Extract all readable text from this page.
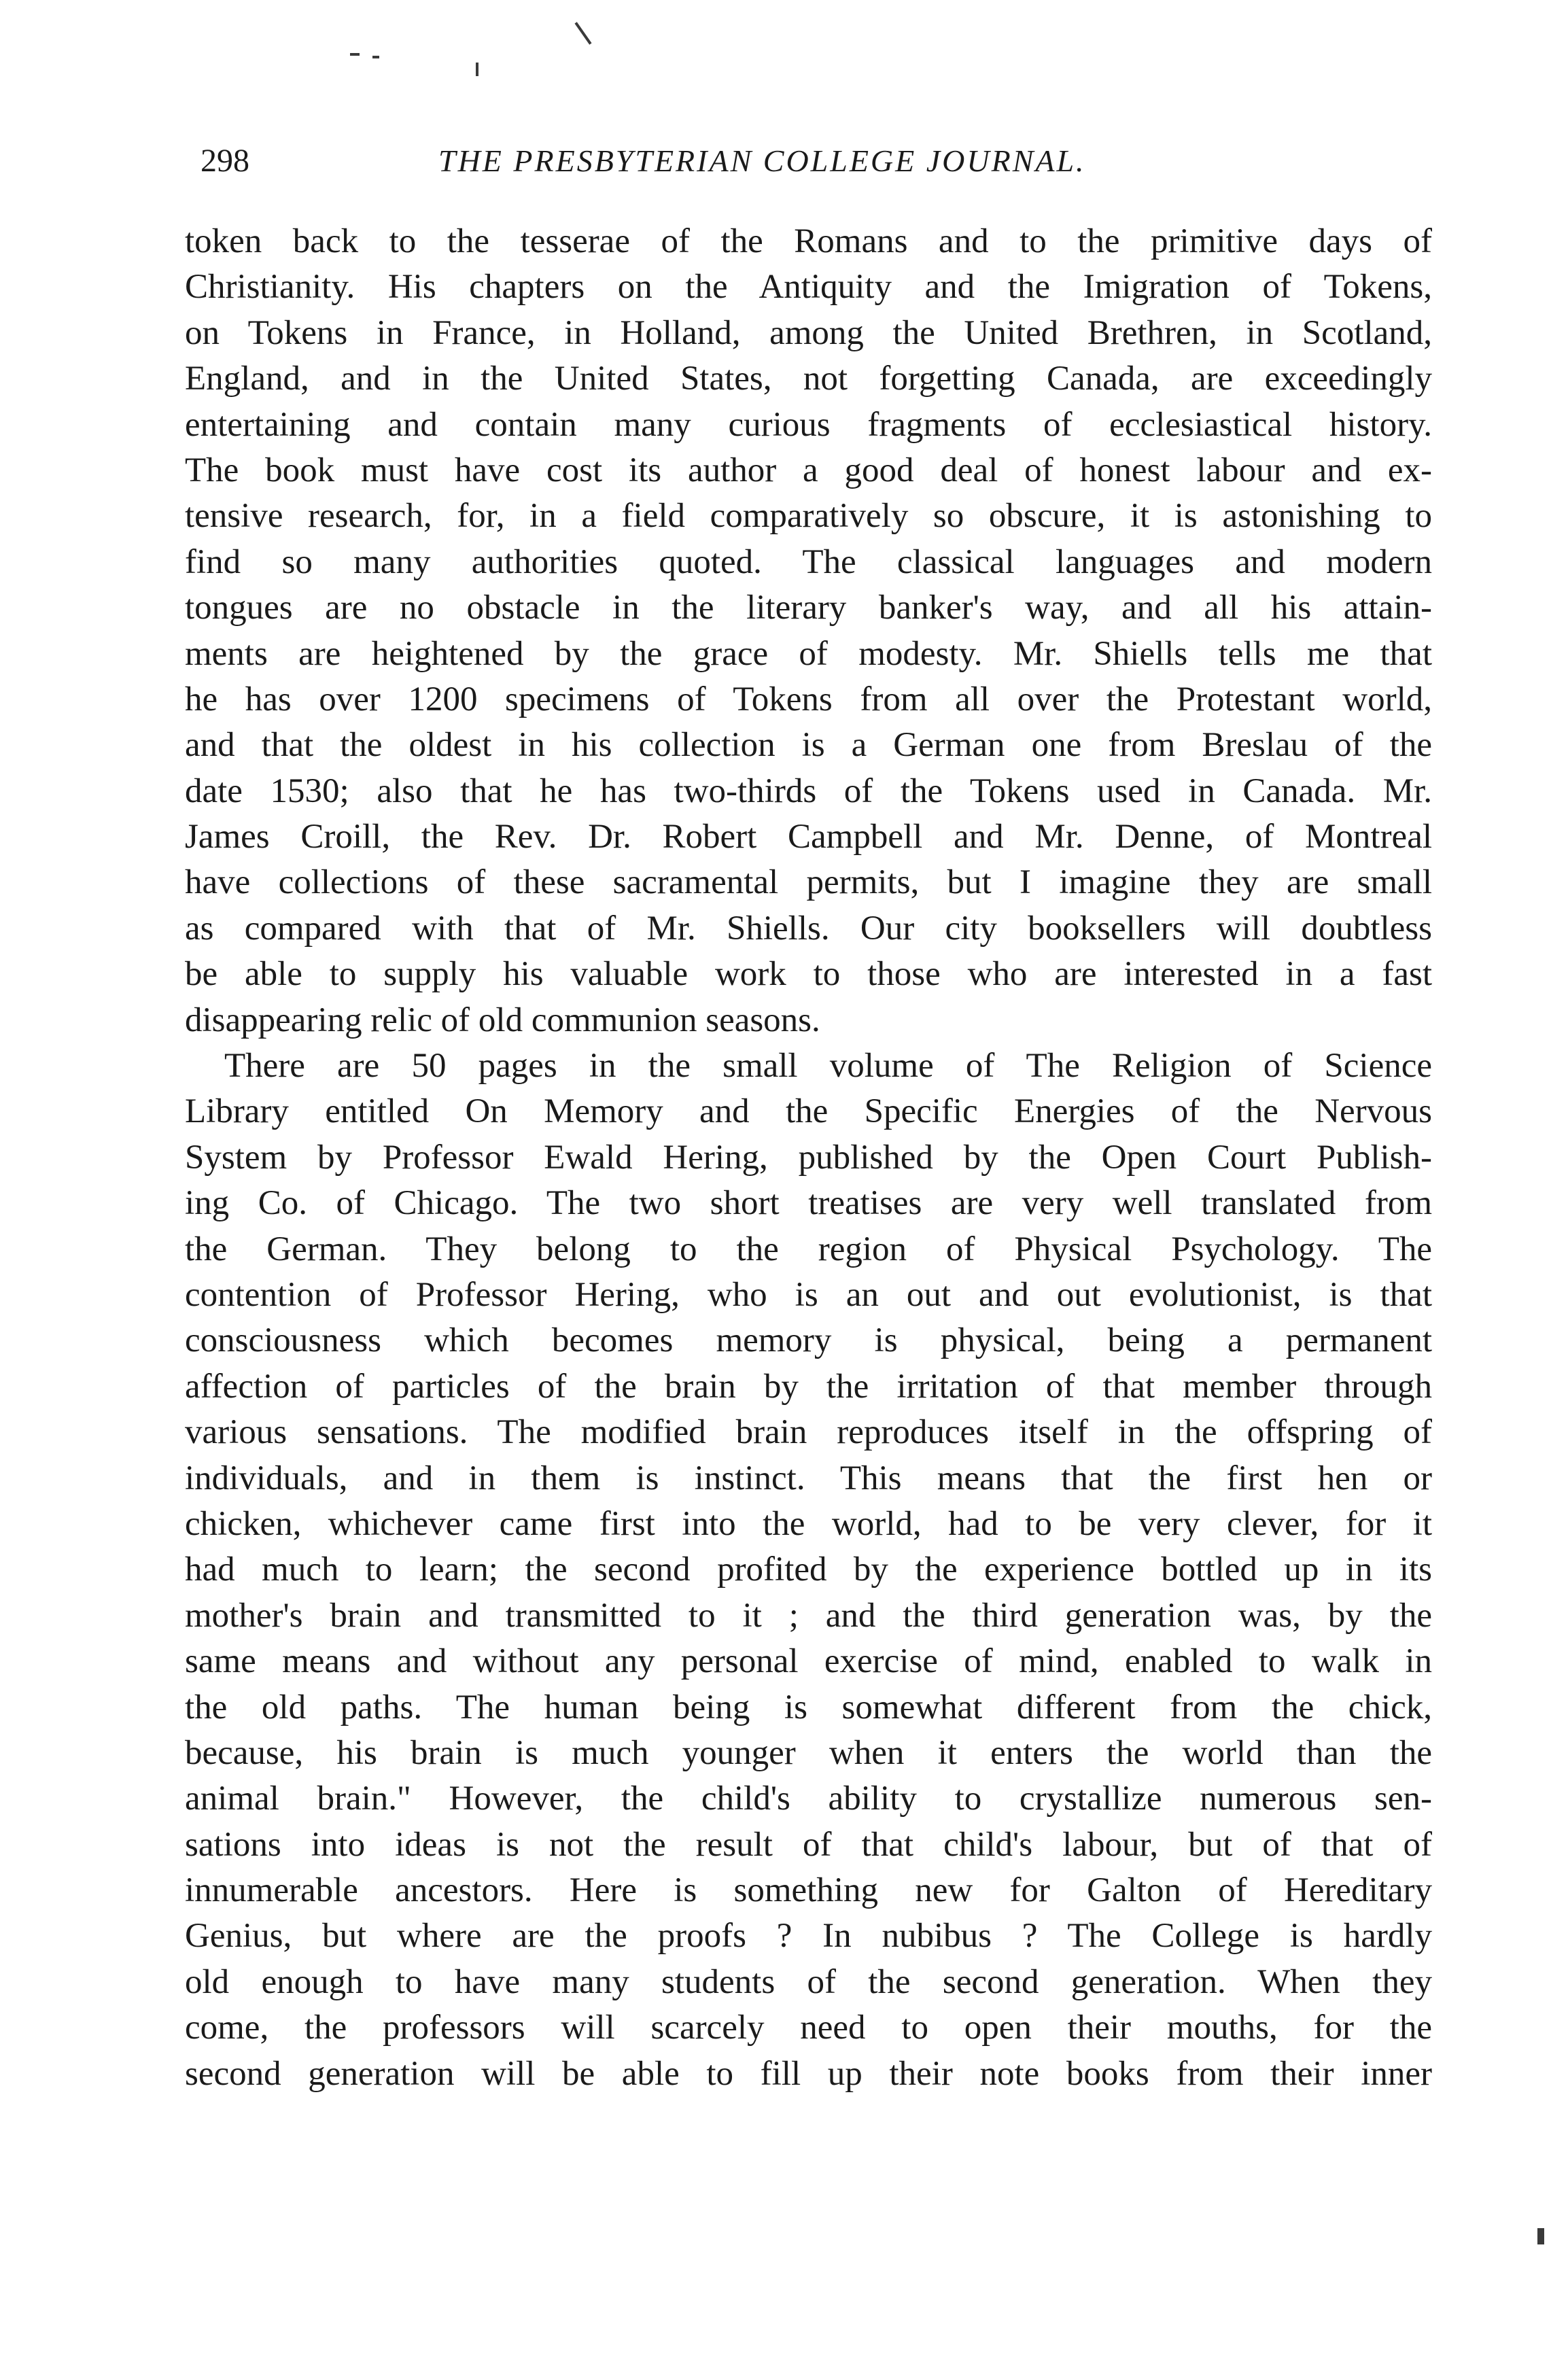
298	THE PRESBYTERIAN COLLEGE JOURNAL.
token back to the tesserae of the Romans and to the primitive days of
Christianity. His chapters on the Antiquity and the Imigration of Tokens,
on Tokens in France, in Holland, among the United Brethren, in Scotland,
England, and in the United States, not forgetting Canada, are exceedingly
entertaining and contain many curious fragments of ecclesiastical history.
The book must have cost its author a good deal of honest labour and ex-
tensive research, for, in a field comparatively so obscure, it is astonishing to
find so many authorities quoted. The classical languages and modern
tongues are no obstacle in the literary banker's way, and all his attain-
ments are heightened by the grace of modesty. Mr. Shiells tells me that
he has over 1200 specimens of Tokens from all over the Protestant world,
and that the oldest in his collection is a German one from Breslau of the
date 1530; also that he has two-thirds of the Tokens used in Canada. Mr.
James Croill, the Rev. Dr. Robert Campbell and Mr. Denne, of Montreal
have collections of these sacramental permits, but I imagine they are small
as compared with that of Mr. Shiells. Our city booksellers will doubtless
be able to supply his valuable work to those who are interested in a fast
disappearing relic of old communion seasons.
There are 50 pages in the small volume of The Religion of Science
Library entitled On Memory and the Specific Energies of the Nervous
System by Professor Ewald Hering, published by the Open Court Publish-
ing Co. of Chicago. The two short treatises are very well translated from
the German. They belong to the region of Physical Psychology. The
contention of Professor Hering, who is an out and out evolutionist, is that
consciousness which becomes memory is physical, being a permanent
affection of particles of the brain by the irritation of that member through
various sensations. The modified brain reproduces itself in the offspring of
individuals, and in them is instinct. This means that the first hen or
chicken, whichever came first into the world, had to be very clever, for it
had much to learn; the second profited by the experience bottled up in its
mother's brain and transmitted to it ; and the third generation was, by the
same means and without any personal exercise of mind, enabled to walk in
the old paths. The human being is somewhat different from the chick,
because, his brain is much younger when it enters the world than the
animal brain." However, the child's ability to crystallize numerous sen-
sations into ideas is not the result of that child's labour, but of that of
innumerable ancestors. Here is something new for Galton of Hereditary
Genius, but where are the proofs ? In nubibus ? The College is hardly
old enough to have many students of the second generation. When they
come, the professors will scarcely need to open their mouths, for the
second generation will be able to fill up their note books from their inner
